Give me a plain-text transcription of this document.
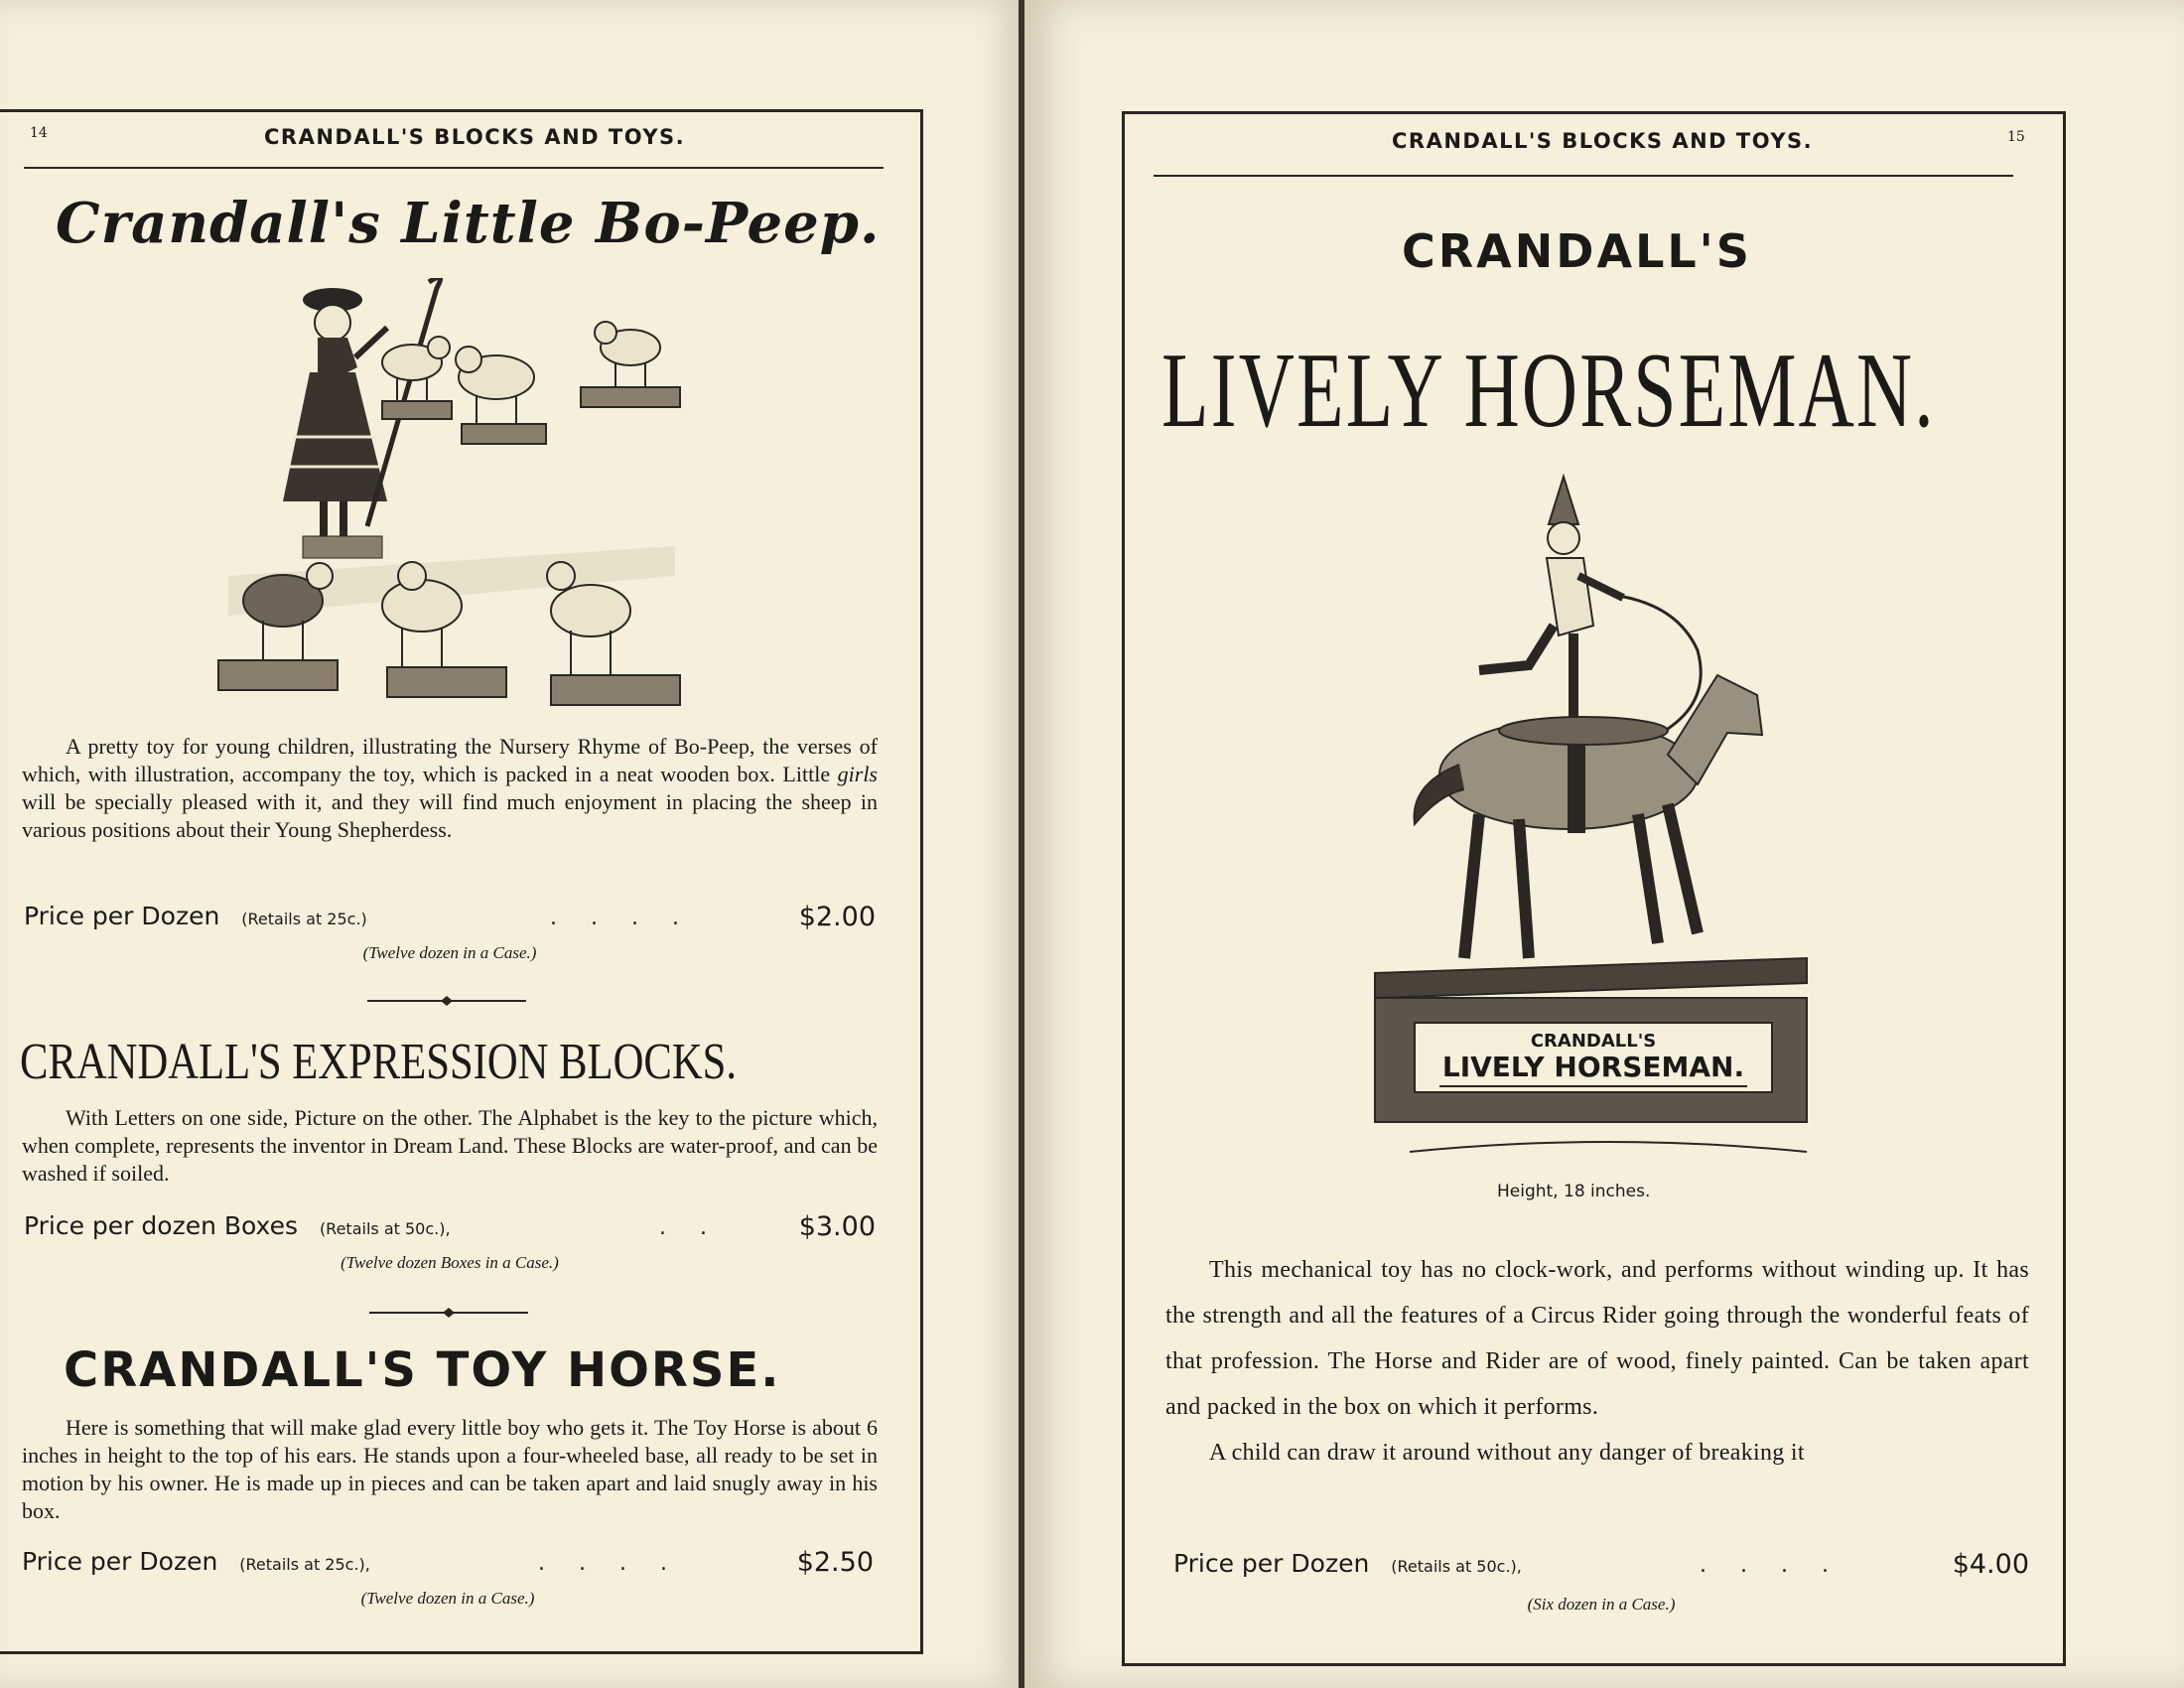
14	CRANDALL'S BLOCKS AND TOYS.
Crandall's Little Bo-Peep.

A pretty toy for young children, illustrating the Nursery Rhyme of Bo-Peep, the verses of which, with illustration, accompany the toy, which is packed in a neat wooden box. Little girls will be specially pleased with it, and they will find much enjoyment in placing the sheep in various positions about their Young Shepherdess.

Price per Dozen (Retails at 25c.)	....	$2.00
(Twelve dozen in a Case.)
CRANDALL'S EXPRESSION BLOCKS.

With Letters on one side, Picture on the other. The Alphabet is the key to the picture which, when complete, represents the inventor in Dream Land. These Blocks are water-proof, and can be washed if soiled.

Price per dozen Boxes (Retails at 50c.),	.. $3.00
(Twelve dozen Boxes in a Case.)
CRANDALL'S TOY HORSE.

Here is something that will make glad every little boy who gets it. The Toy Horse is about 6 inches in height to the top of his ears. He stands upon a four-wheeled base, all ready to be set in motion by his owner. He is made up in pieces and can be taken apart and laid snugly away in his box.

Price per Dozen (Retails at 25c.),	....	$2.50
(Twelve dozen in a Case.)
CRANDALL'S BLOCKS AND TOYS.	15
CRANDALL'S
LIVELY HORSEMAN.
CRANDALL'S
LIVELY HORSEMAN.
Height, 18 inches.

This mechanical toy has no clock-work, and performs without winding up. It has the strength and all the features of a Circus Rider going through the wonderful feats of that profession. The Horse and Rider are of wood, finely painted. Can be taken apart and packed in the box on which it performs.

A child can draw it around without any danger of breaking it

Price per Dozen (Retails at 50c.),	....	$4.00
(Six dozen in a Case.)
